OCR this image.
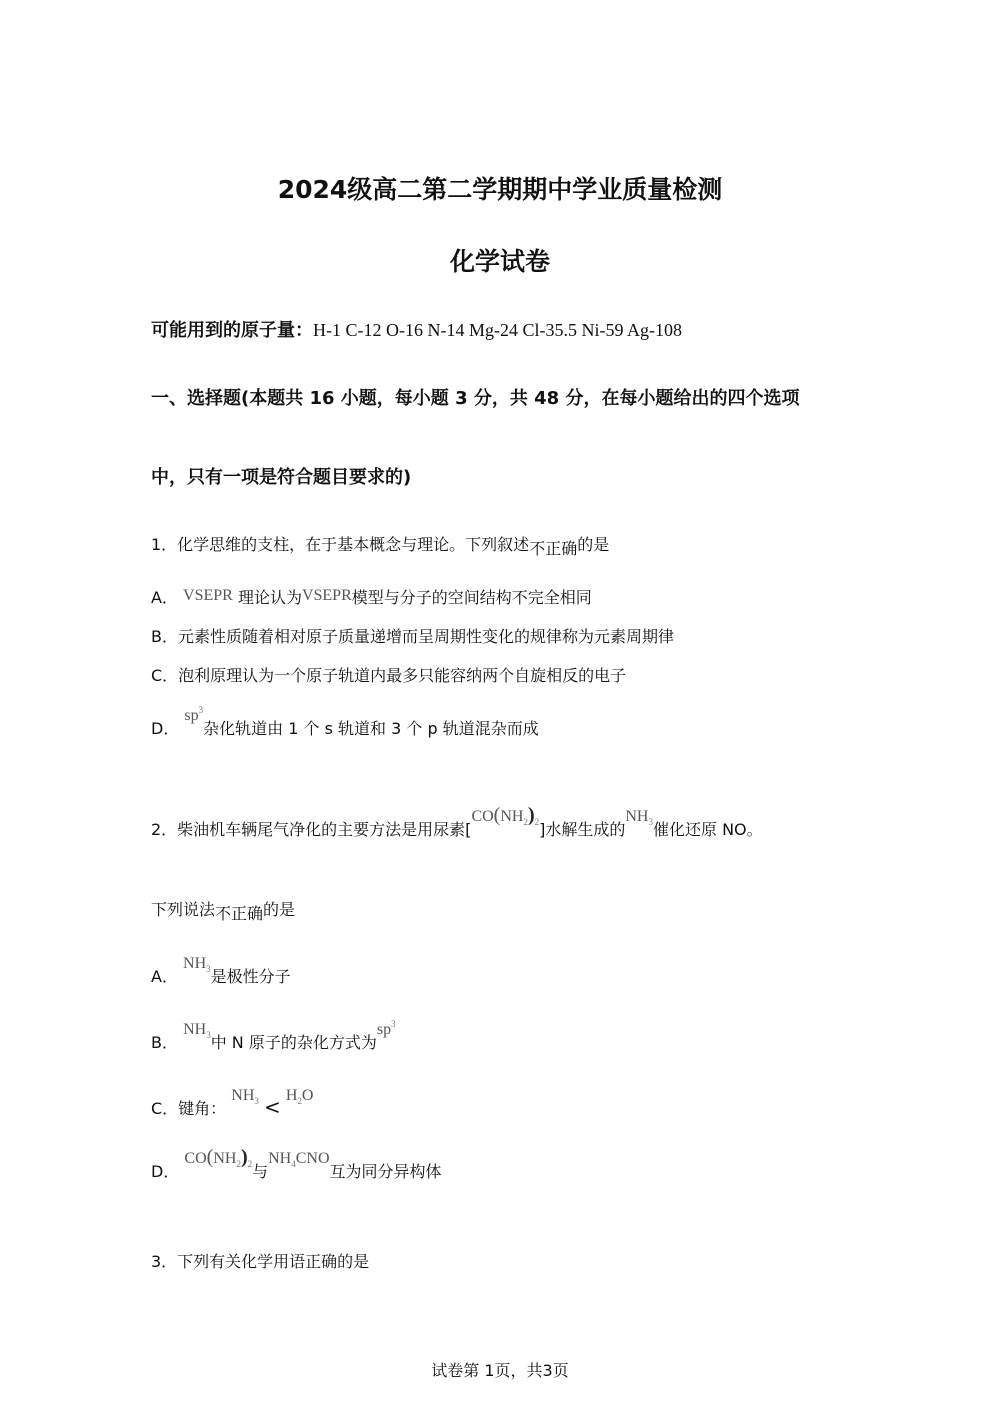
2024级高二第二学期期中学业质量检测
化学试卷
可能用到的原子量：H-1 C-12 O-16 N-14 Mg-24 Cl-35.5 Ni-59 Ag-108
一、选择题(本题共 16 小题，每小题 3 分，共 48 分，在每小题给出的四个选项
中，只有一项是符合题目要求的)
1．化学思维的支柱，在于基本概念与理论。下列叙述不正确的是
A． VSEPR 理论认为VSEPR模型与分子的空间结构不完全相同
B．元素性质随着相对原子质量递增而呈周期性变化的规律称为元素周期律
C．泡利原理认为一个原子轨道内最多只能容纳两个自旋相反的电子
D． $sp^3$杂化轨道由 1 个 s 轨道和 3 个 p 轨道混杂而成
2．柴油机车辆尾气净化的主要方法是用尿素$[CO(NH_2)_2]$水解生成的$NH_3$催化还原 NO。
下列说法不正确的是
A． $NH_3$是极性分子
B． $NH_3$中 N 原子的杂化方式为$sp^3$
C．键角： $NH_3 < H_2O$
D． $CO(NH_2)_2$与$NH_4CNO$互为同分异构体
3．下列有关化学用语正确的是
试卷第 1页，共3页
